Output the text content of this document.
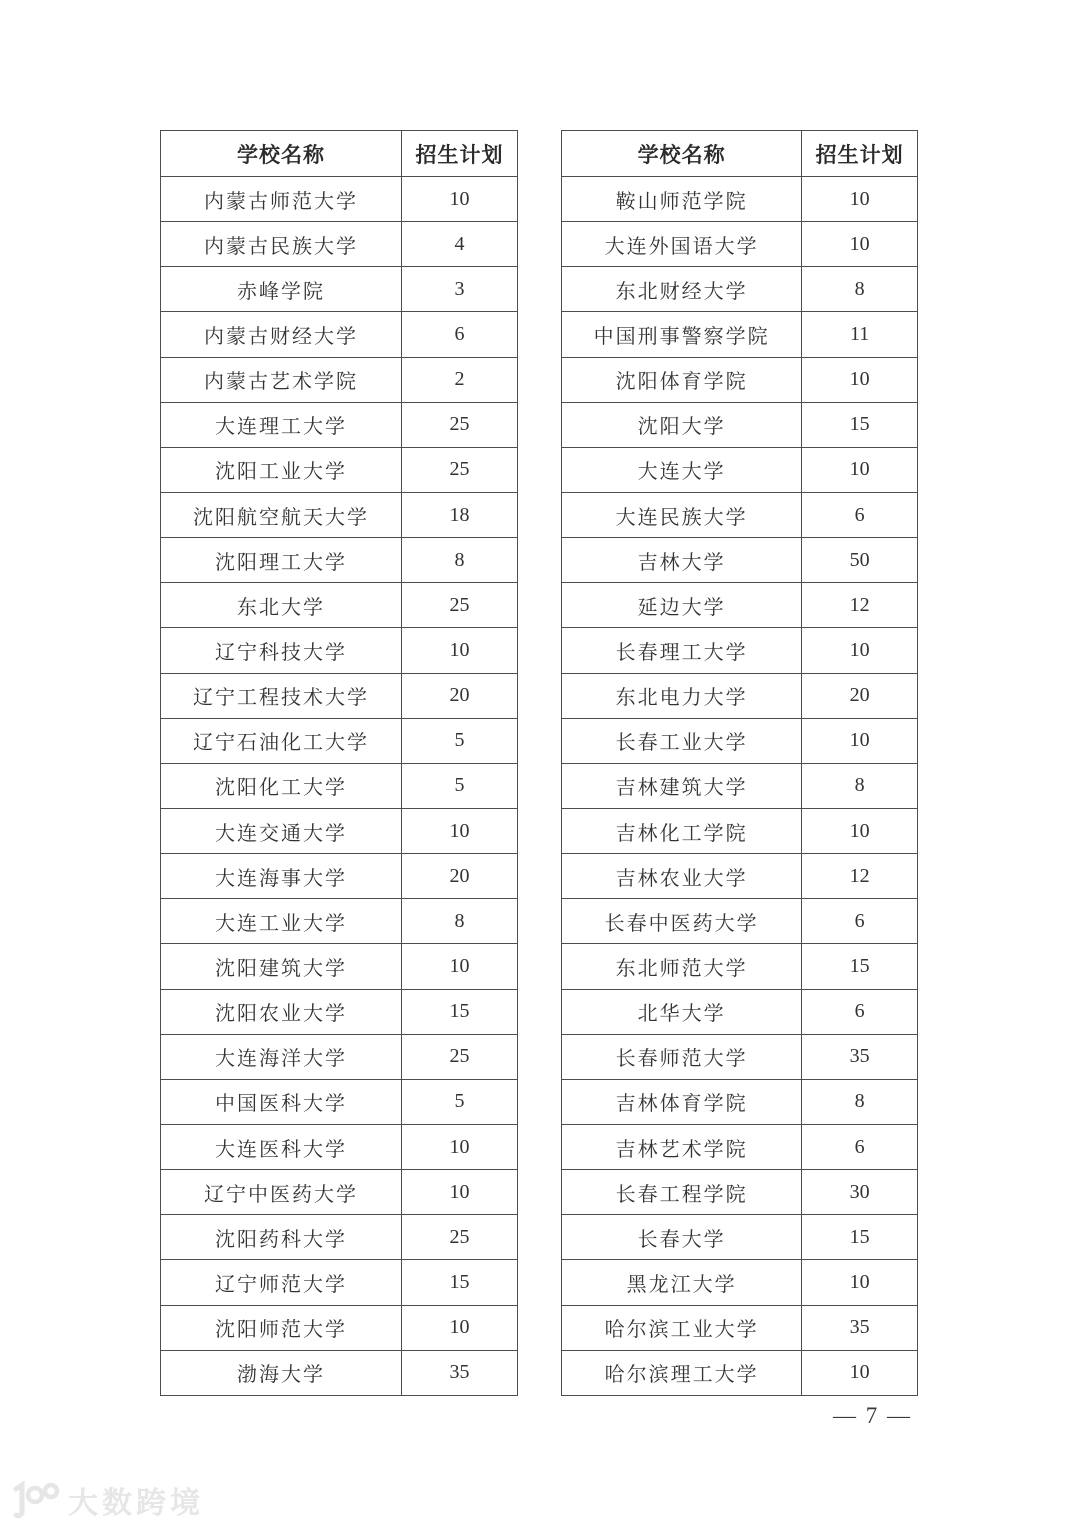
学校名称	招生计划
内蒙古师范大学	10
内蒙古民族大学	4
赤峰学院	3
内蒙古财经大学	6
内蒙古艺术学院	2
大连理工大学	25
沈阳工业大学	25
沈阳航空航天大学	18
沈阳理工大学	8
东北大学	25
辽宁科技大学	10
辽宁工程技术大学	20
辽宁石油化工大学	5
沈阳化工大学	5
大连交通大学	10
大连海事大学	20
大连工业大学	8
沈阳建筑大学	10
沈阳农业大学	15
大连海洋大学	25
中国医科大学	5
大连医科大学	10
辽宁中医药大学	10
沈阳药科大学	25
辽宁师范大学	15
沈阳师范大学	10
渤海大学	35
学校名称	招生计划
鞍山师范学院	10
大连外国语大学	10
东北财经大学	8
中国刑事警察学院	11
沈阳体育学院	10
沈阳大学	15
大连大学	10
大连民族大学	6
吉林大学	50
延边大学	12
长春理工大学	10
东北电力大学	20
长春工业大学	10
吉林建筑大学	8
吉林化工学院	10
吉林农业大学	12
长春中医药大学	6
东北师范大学	15
北华大学	6
长春师范大学	35
吉林体育学院	8
吉林艺术学院	6
长春工程学院	30
长春大学	15
黑龙江大学	10
哈尔滨工业大学	35
哈尔滨理工大学	10
— 7 —
大数跨境
